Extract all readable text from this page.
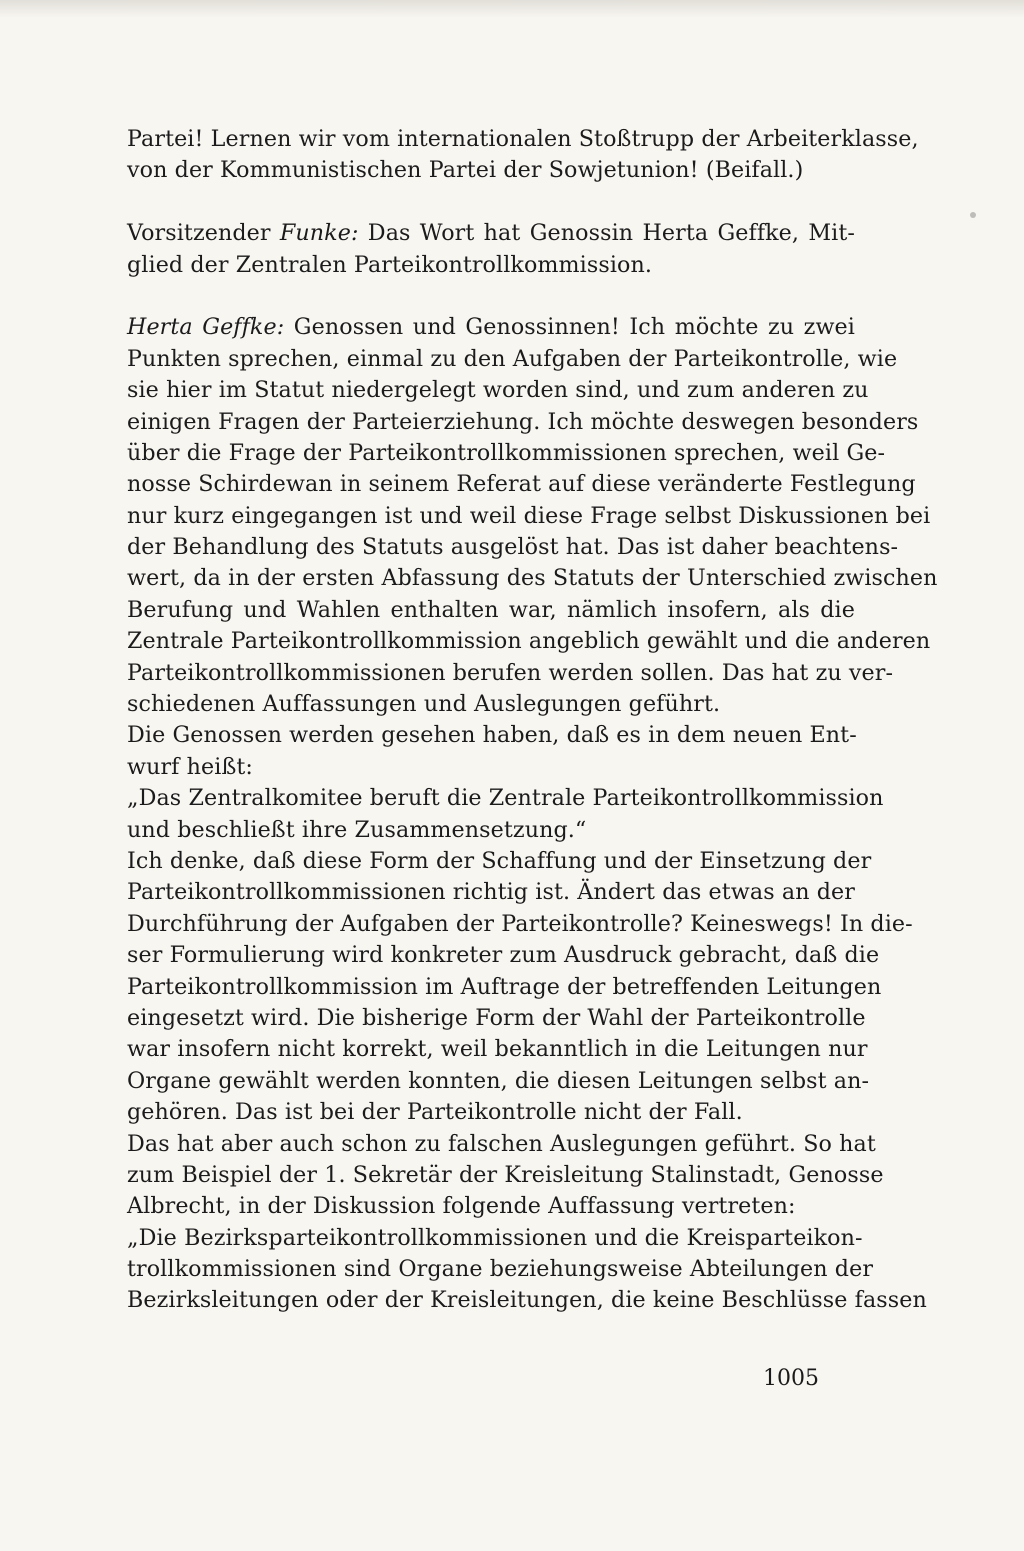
Partei! Lernen wir vom internationalen Stoßtrupp der Arbeiterklasse,
von der Kommunistischen Partei der Sowjetunion! (Beifall.)
Vorsitzender Funke: Das Wort hat Genossin Herta Geffke, Mit-
glied der Zentralen Parteikontrollkommission.
Herta Geffke: Genossen und Genossinnen! Ich möchte zu zwei
Punkten sprechen, einmal zu den Aufgaben der Parteikontrolle, wie
sie hier im Statut niedergelegt worden sind, und zum anderen zu
einigen Fragen der Parteierziehung. Ich möchte deswegen besonders
über die Frage der Parteikontrollkommissionen sprechen, weil Ge-
nosse Schirdewan in seinem Referat auf diese veränderte Festlegung
nur kurz eingegangen ist und weil diese Frage selbst Diskussionen bei
der Behandlung des Statuts ausgelöst hat. Das ist daher beachtens-
wert, da in der ersten Abfassung des Statuts der Unterschied zwischen
Berufung und Wahlen enthalten war, nämlich insofern, als die
Zentrale Parteikontrollkommission angeblich gewählt und die anderen
Parteikontrollkommissionen berufen werden sollen. Das hat zu ver-
schiedenen Auffassungen und Auslegungen geführt.
Die Genossen werden gesehen haben, daß es in dem neuen Ent-
wurf heißt:
„Das Zentralkomitee beruft die Zentrale Parteikontrollkommission
und beschließt ihre Zusammensetzung.“
Ich denke, daß diese Form der Schaffung und der Einsetzung der
Parteikontrollkommissionen richtig ist. Ändert das etwas an der
Durchführung der Aufgaben der Parteikontrolle? Keineswegs! In die-
ser Formulierung wird konkreter zum Ausdruck gebracht, daß die
Parteikontrollkommission im Auftrage der betreffenden Leitungen
eingesetzt wird. Die bisherige Form der Wahl der Parteikontrolle
war insofern nicht korrekt, weil bekanntlich in die Leitungen nur
Organe gewählt werden konnten, die diesen Leitungen selbst an-
gehören. Das ist bei der Parteikontrolle nicht der Fall.
Das hat aber auch schon zu falschen Auslegungen geführt. So hat
zum Beispiel der 1. Sekretär der Kreisleitung Stalinstadt, Genosse
Albrecht, in der Diskussion folgende Auffassung vertreten:
„Die Bezirksparteikontrollkommissionen und die Kreisparteikon-
trollkommissionen sind Organe beziehungsweise Abteilungen der
Bezirksleitungen oder der Kreisleitungen, die keine Beschlüsse fassen
1005
